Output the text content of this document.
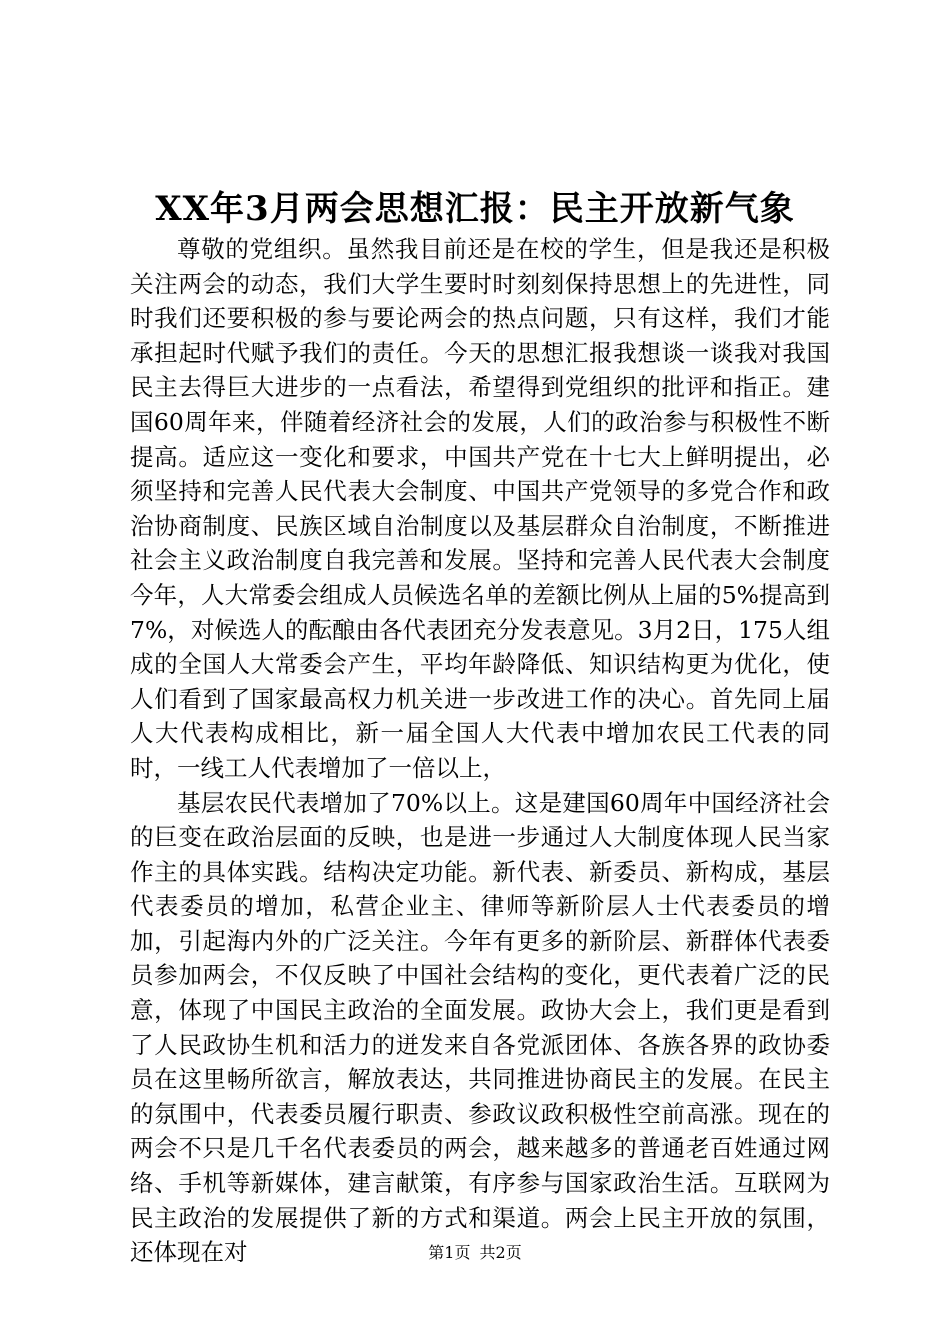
XX年3月两会思想汇报：民主开放新气象

尊敬的党组织。虽然我目前还是在校的学生，但是我还是积极关注两会的动态，我们大学生要时时刻刻保持思想上的先进性，同时我们还要积极的参与要论两会的热点问题，只有这样，我们才能承担起时代赋予我们的责任。今天的思想汇报我想谈一谈我对我国民主去得巨大进步的一点看法，希望得到党组织的批评和指正。建国60周年来，伴随着经济社会的发展，人们的政治参与积极性不断提高。适应这一变化和要求，中国共产党在十七大上鲜明提出，必须坚持和完善人民代表大会制度、中国共产党领导的多党合作和政治协商制度、民族区域自治制度以及基层群众自治制度，不断推进社会主义政治制度自我完善和发展。坚持和完善人民代表大会制度今年，人大常委会组成人员候选名单的差额比例从上届的5%提高到7%，对候选人的酝酿由各代表团充分发表意见。3月2日，175人组成的全国人大常委会产生，平均年龄降低、知识结构更为优化，使人们看到了国家最高权力机关进一步改进工作的决心。首先同上届人大代表构成相比，新一届全国人大代表中增加农民工代表的同时，一线工人代表增加了一倍以上，

基层农民代表增加了70%以上。这是建国60周年中国经济社会的巨变在政治层面的反映，也是进一步通过人大制度体现人民当家作主的具体实践。结构决定功能。新代表、新委员、新构成，基层代表委员的增加，私营企业主、律师等新阶层人士代表委员的增加，引起海内外的广泛关注。今年有更多的新阶层、新群体代表委员参加两会，不仅反映了中国社会结构的变化，更代表着广泛的民意，体现了中国民主政治的全面发展。政协大会上，我们更是看到了人民政协生机和活力的迸发来自各党派团体、各族各界的政协委员在这里畅所欲言，解放表达，共同推进协商民主的发展。在民主的氛围中，代表委员履行职责、参政议政积极性空前高涨。现在的两会不只是几千名代表委员的两会，越来越多的普通老百姓通过网络、手机等新媒体，建言献策，有序参与国家政治生活。互联网为民主政治的发展提供了新的方式和渠道。两会上民主开放的氛围，还体现在对	第1页 共2页
